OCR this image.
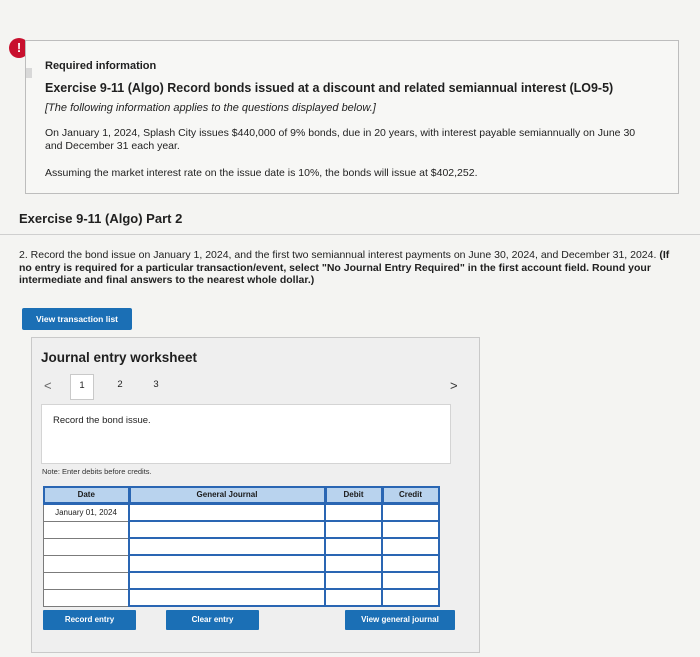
!
Required information
Exercise 9-11 (Algo) Record bonds issued at a discount and related semiannual interest (LO9-5)
[The following information applies to the questions displayed below.]
On January 1, 2024, Splash City issues $440,000 of 9% bonds, due in 20 years, with interest payable semiannually on June 30 and December 31 each year.
Assuming the market interest rate on the issue date is 10%, the bonds will issue at $402,252.
Exercise 9-11 (Algo) Part 2
2. Record the bond issue on January 1, 2024, and the first two semiannual interest payments on June 30, 2024, and December 31, 2024. (If no entry is required for a particular transaction/event, select "No Journal Entry Required" in the first account field. Round your intermediate and final answers to the nearest whole dollar.)
View transaction list
Journal entry worksheet
<	1	2	3	>
Record the bond issue.
Note: Enter debits before credits.
Date	General Journal	Debit	Credit

January 01, 2024			

Record entry	Clear entry	View general journal
